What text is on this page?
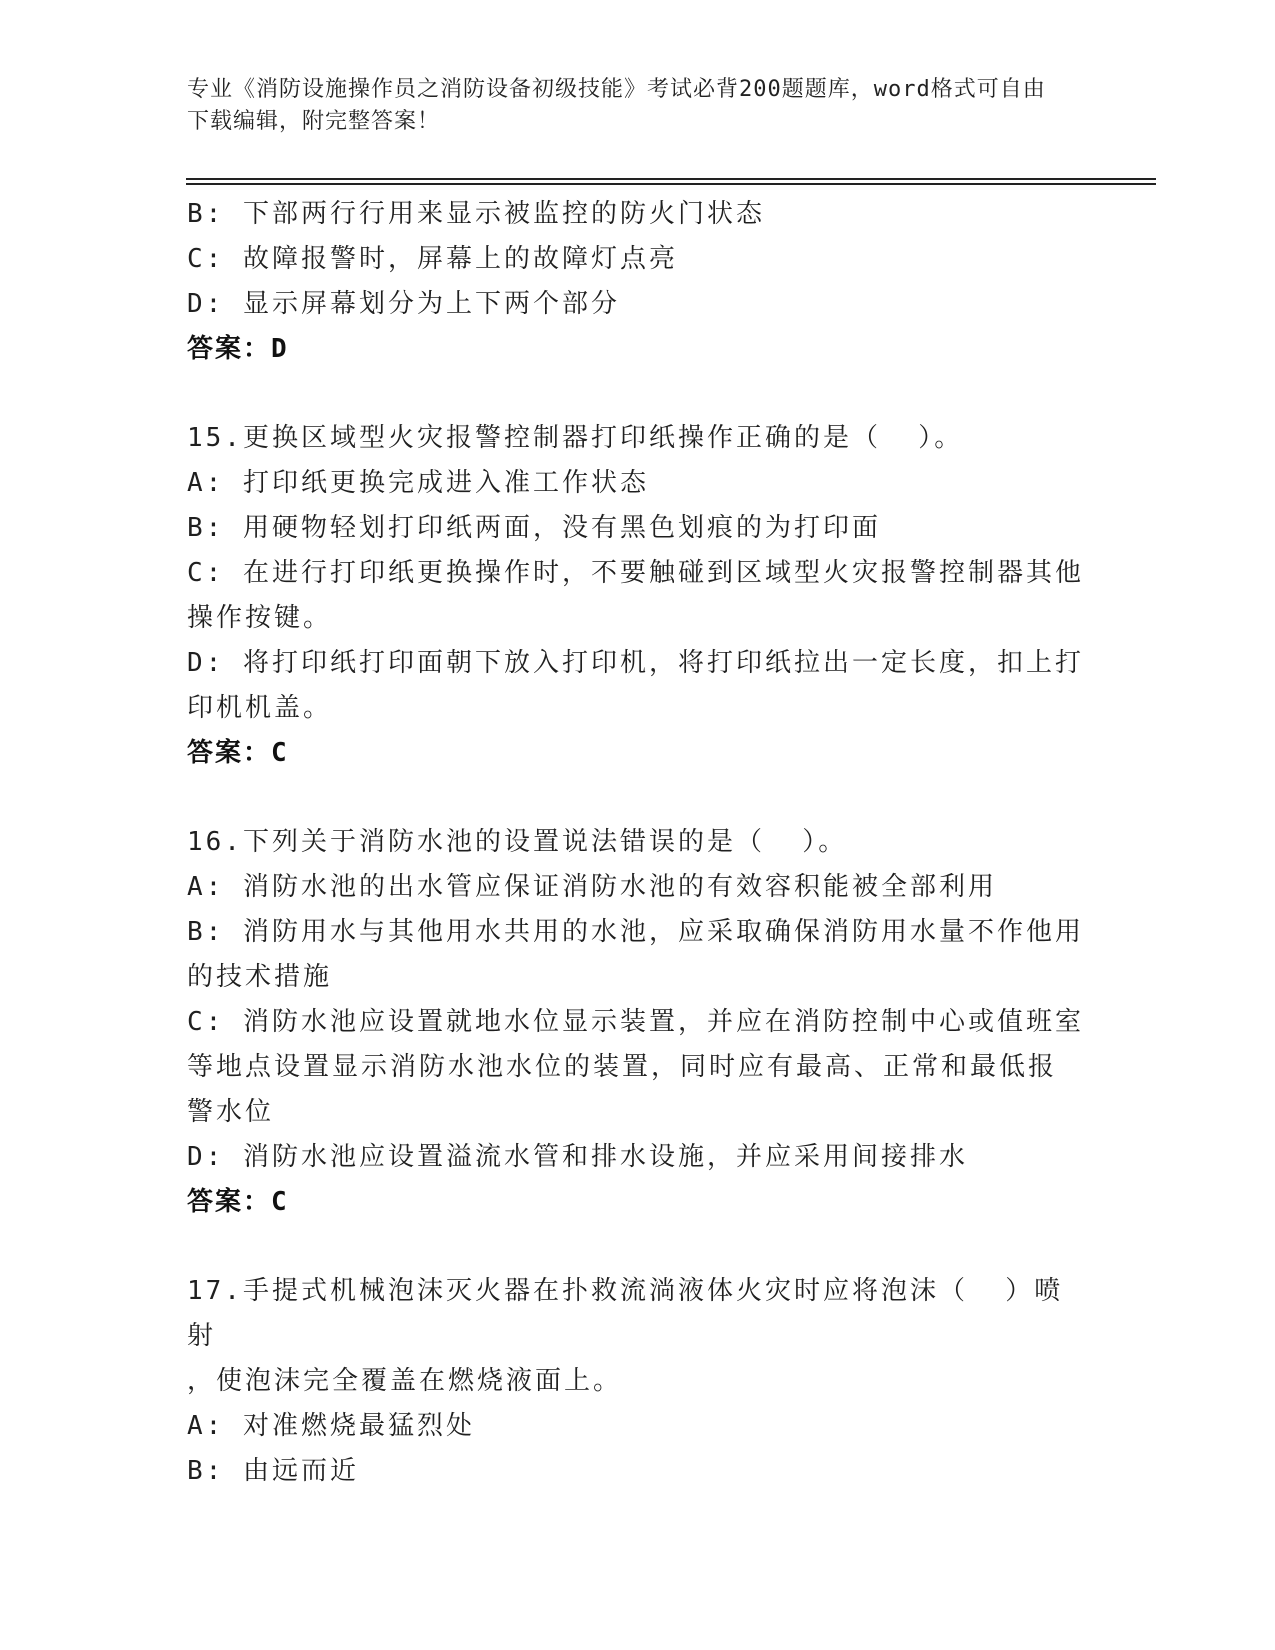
专业《消防设施操作员之消防设备初级技能》考试必背200题题库，word格式可自由下载编辑，附完整答案！
B: 下部两行行用来显示被监控的防火门状态
C: 故障报警时，屏幕上的故障灯点亮
D: 显示屏幕划分为上下两个部分
答案：D
15.更换区域型火灾报警控制器打印纸操作正确的是（  ）。
A: 打印纸更换完成进入准工作状态
B: 用硬物轻划打印纸两面，没有黑色划痕的为打印面
C: 在进行打印纸更换操作时，不要触碰到区域型火灾报警控制器其他
操作按键。
D: 将打印纸打印面朝下放入打印机，将打印纸拉出一定长度，扣上打
印机机盖。
答案：C
16.下列关于消防水池的设置说法错误的是（  ）。
A: 消防水池的出水管应保证消防水池的有效容积能被全部利用
B: 消防用水与其他用水共用的水池，应采取确保消防用水量不作他用
的技术措施
C: 消防水池应设置就地水位显示装置，并应在消防控制中心或值班室
等地点设置显示消防水池水位的装置，同时应有最高、正常和最低报
警水位
D: 消防水池应设置溢流水管和排水设施，并应采用间接排水
答案：C
17.手提式机械泡沫灭火器在扑救流淌液体火灾时应将泡沫（  ）喷射
，使泡沫完全覆盖在燃烧液面上。
A: 对准燃烧最猛烈处
B: 由远而近
